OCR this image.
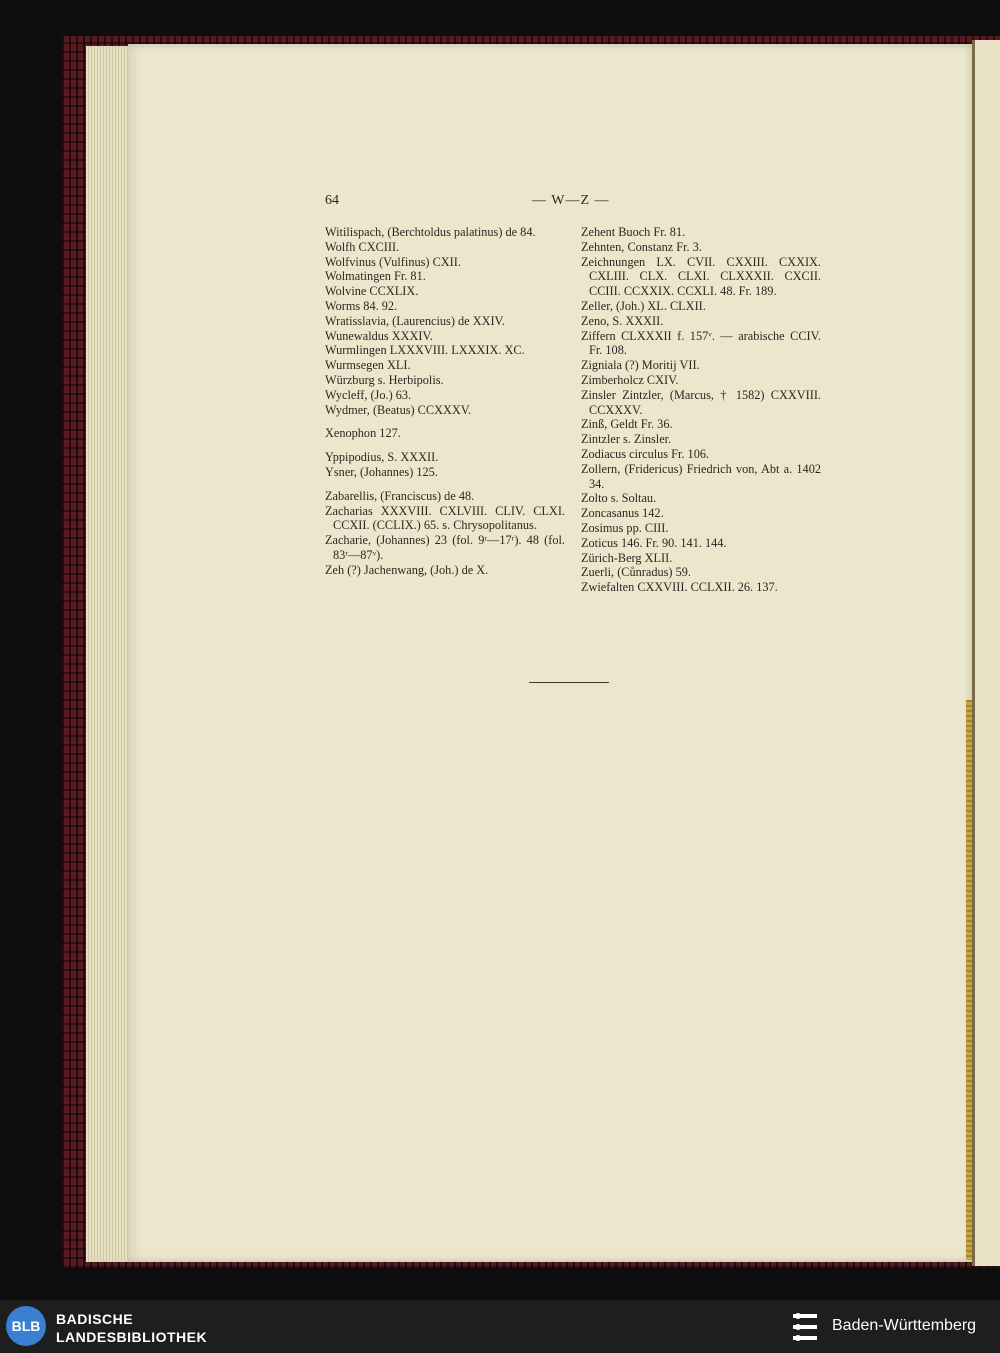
64	— W—Z —
Witilispach, (Berchtoldus palatinus) de 84.
Wolfh CXCIII.
Wolfvinus (Vulfinus) CXII.
Wolmatingen Fr. 81.
Wolvine CCXLIX.
Worms 84. 92.
Wratisslavia, (Laurencius) de XXIV.
Wunewaldus XXXIV.
Wurmlingen LXXXVIII. LXXXIX. XC.
Wurmsegen XLI.
Würzburg s. Herbipolis.
Wycleff, (Jo.) 63.
Wydmer, (Beatus) CCXXXV.
Xenophon 127.
Yppipodius, S. XXXII.
Ysner, (Johannes) 125.
Zabarellis, (Franciscus) de 48.
Zacharias XXXVIII. CXLVIII. CLIV. CLXI. CCXII. (CCLIX.) 65. s. Chrysopolitanus.
Zacharie, (Johannes) 23 (fol. 9ʳ—17ʳ). 48 (fol. 83ʳ—87ᵛ).
Zeh (?) Jachenwang, (Joh.) de X.
Zehent Buoch Fr. 81.
Zehnten, Constanz Fr. 3.
Zeichnungen LX. CVII. CXXIII. CXXIX. CXLIII. CLX. CLXI. CLXXXII. CXCII. CCIII. CCXXIX. CCXLI. 48. Fr. 189.
Zeller, (Joh.) XL. CLXII.
Zeno, S. XXXII.
Ziffern CLXXXII f. 157ᵛ. — arabische CCIV. Fr. 108.
Zigniala (?) Moritij VII.
Zimberholcz CXIV.
Zinsler Zintzler, (Marcus, † 1582) CXXVIII. CCXXXV.
Zinß, Geldt Fr. 36.
Zintzler s. Zinsler.
Zodiacus circulus Fr. 106.
Zollern, (Fridericus) Friedrich von, Abt a. 1402 34.
Zolto s. Soltau.
Zoncasanus 142.
Zosimus pp. CIII.
Zoticus 146. Fr. 90. 141. 144.
Zürich-Berg XLII.
Zuerli, (Cůnradus) 59.
Zwiefalten CXXVIII. CCLXII. 26. 137.
BLB	BADISCHE
LANDESBIBLIOTHEK
Baden-Württemberg
